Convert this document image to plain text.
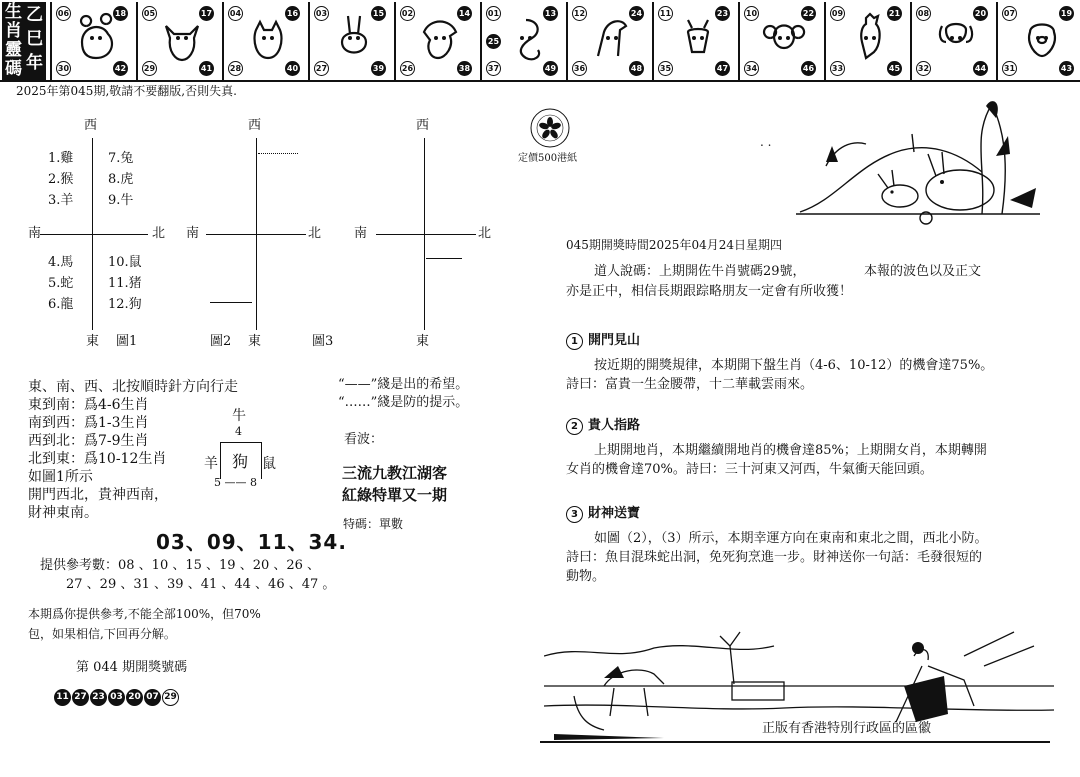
生
肖
靈
碼
乙
巳
年
06	18
30	42
05	17
29	41
04	16
28	40
03	15
27	39
02	14
26	38
01	13
37	49
25
12	24
36	48
11	23
35	47
10	22
34	46
09	21
33	45
08	20
32	44
07	19
31	43
2025年第045期,敬請不要翻版,否則失真.
西
南	北
1.雞
2.猴
3.羊
7.兔
8.虎
9.牛
4.馬
5.蛇
6.龍
10.鼠
11.猪
12.狗
東 圖1
西
南	北
圖2 東
西
南	北
圖3	東
定價500港紙
. .
東、南、西、北按順時針方向行走
東到南：爲4-6生肖
南到西：爲1-3生肖
西到北：爲7-9生肖
北到東：爲10-12生肖
如圖1所示
開門西北，貴神西南，
財神東南。
牛
4
狗
羊	鼠
5 —— 8
“——”綫是出的希望。
“……”綫是防的提示。
看波：
三流九教江湖客
紅綠特單又一期
特碼：單數
03、09、11、34.
提供參考數：08 、10 、15 、19 、20 、26 、
27 、29 、31 、39 、41 、44 、46 、47 。
本期爲你提供參考,不能全部100%，但70%
包，如果相信,下回再分解。
第 044 期開獎號碼
11 27 23 03 20 07 29
045期開獎時間2025年04月24日星期四
道人說碼：上期開佐牛肖號碼29號，　　　　　本報的波色以及正文亦是正中，相信長期跟踪略朋友一定會有所收獲！
1 開門見山
按近期的開獎規律，本期開下盤生肖（4-6、10-12）的機會達75%。詩曰：富貴一生金腰帶，十二華載雲雨來。
2 貴人指路
上期開地肖，本期繼續開地肖的機會達85%；上期開女肖，本期轉開女肖的機會達70%。詩曰：三十河東又河西，牛氣衝天能回頭。
3 財神送寶
如圖（2），（3）所示，本期幸運方向在東南和東北之間，西北小防。詩曰：魚目混珠蛇出洞，免死狗烹進一步。財神送你一句話：毛發很短的動物。
正版有香港特別行政區的區徽
